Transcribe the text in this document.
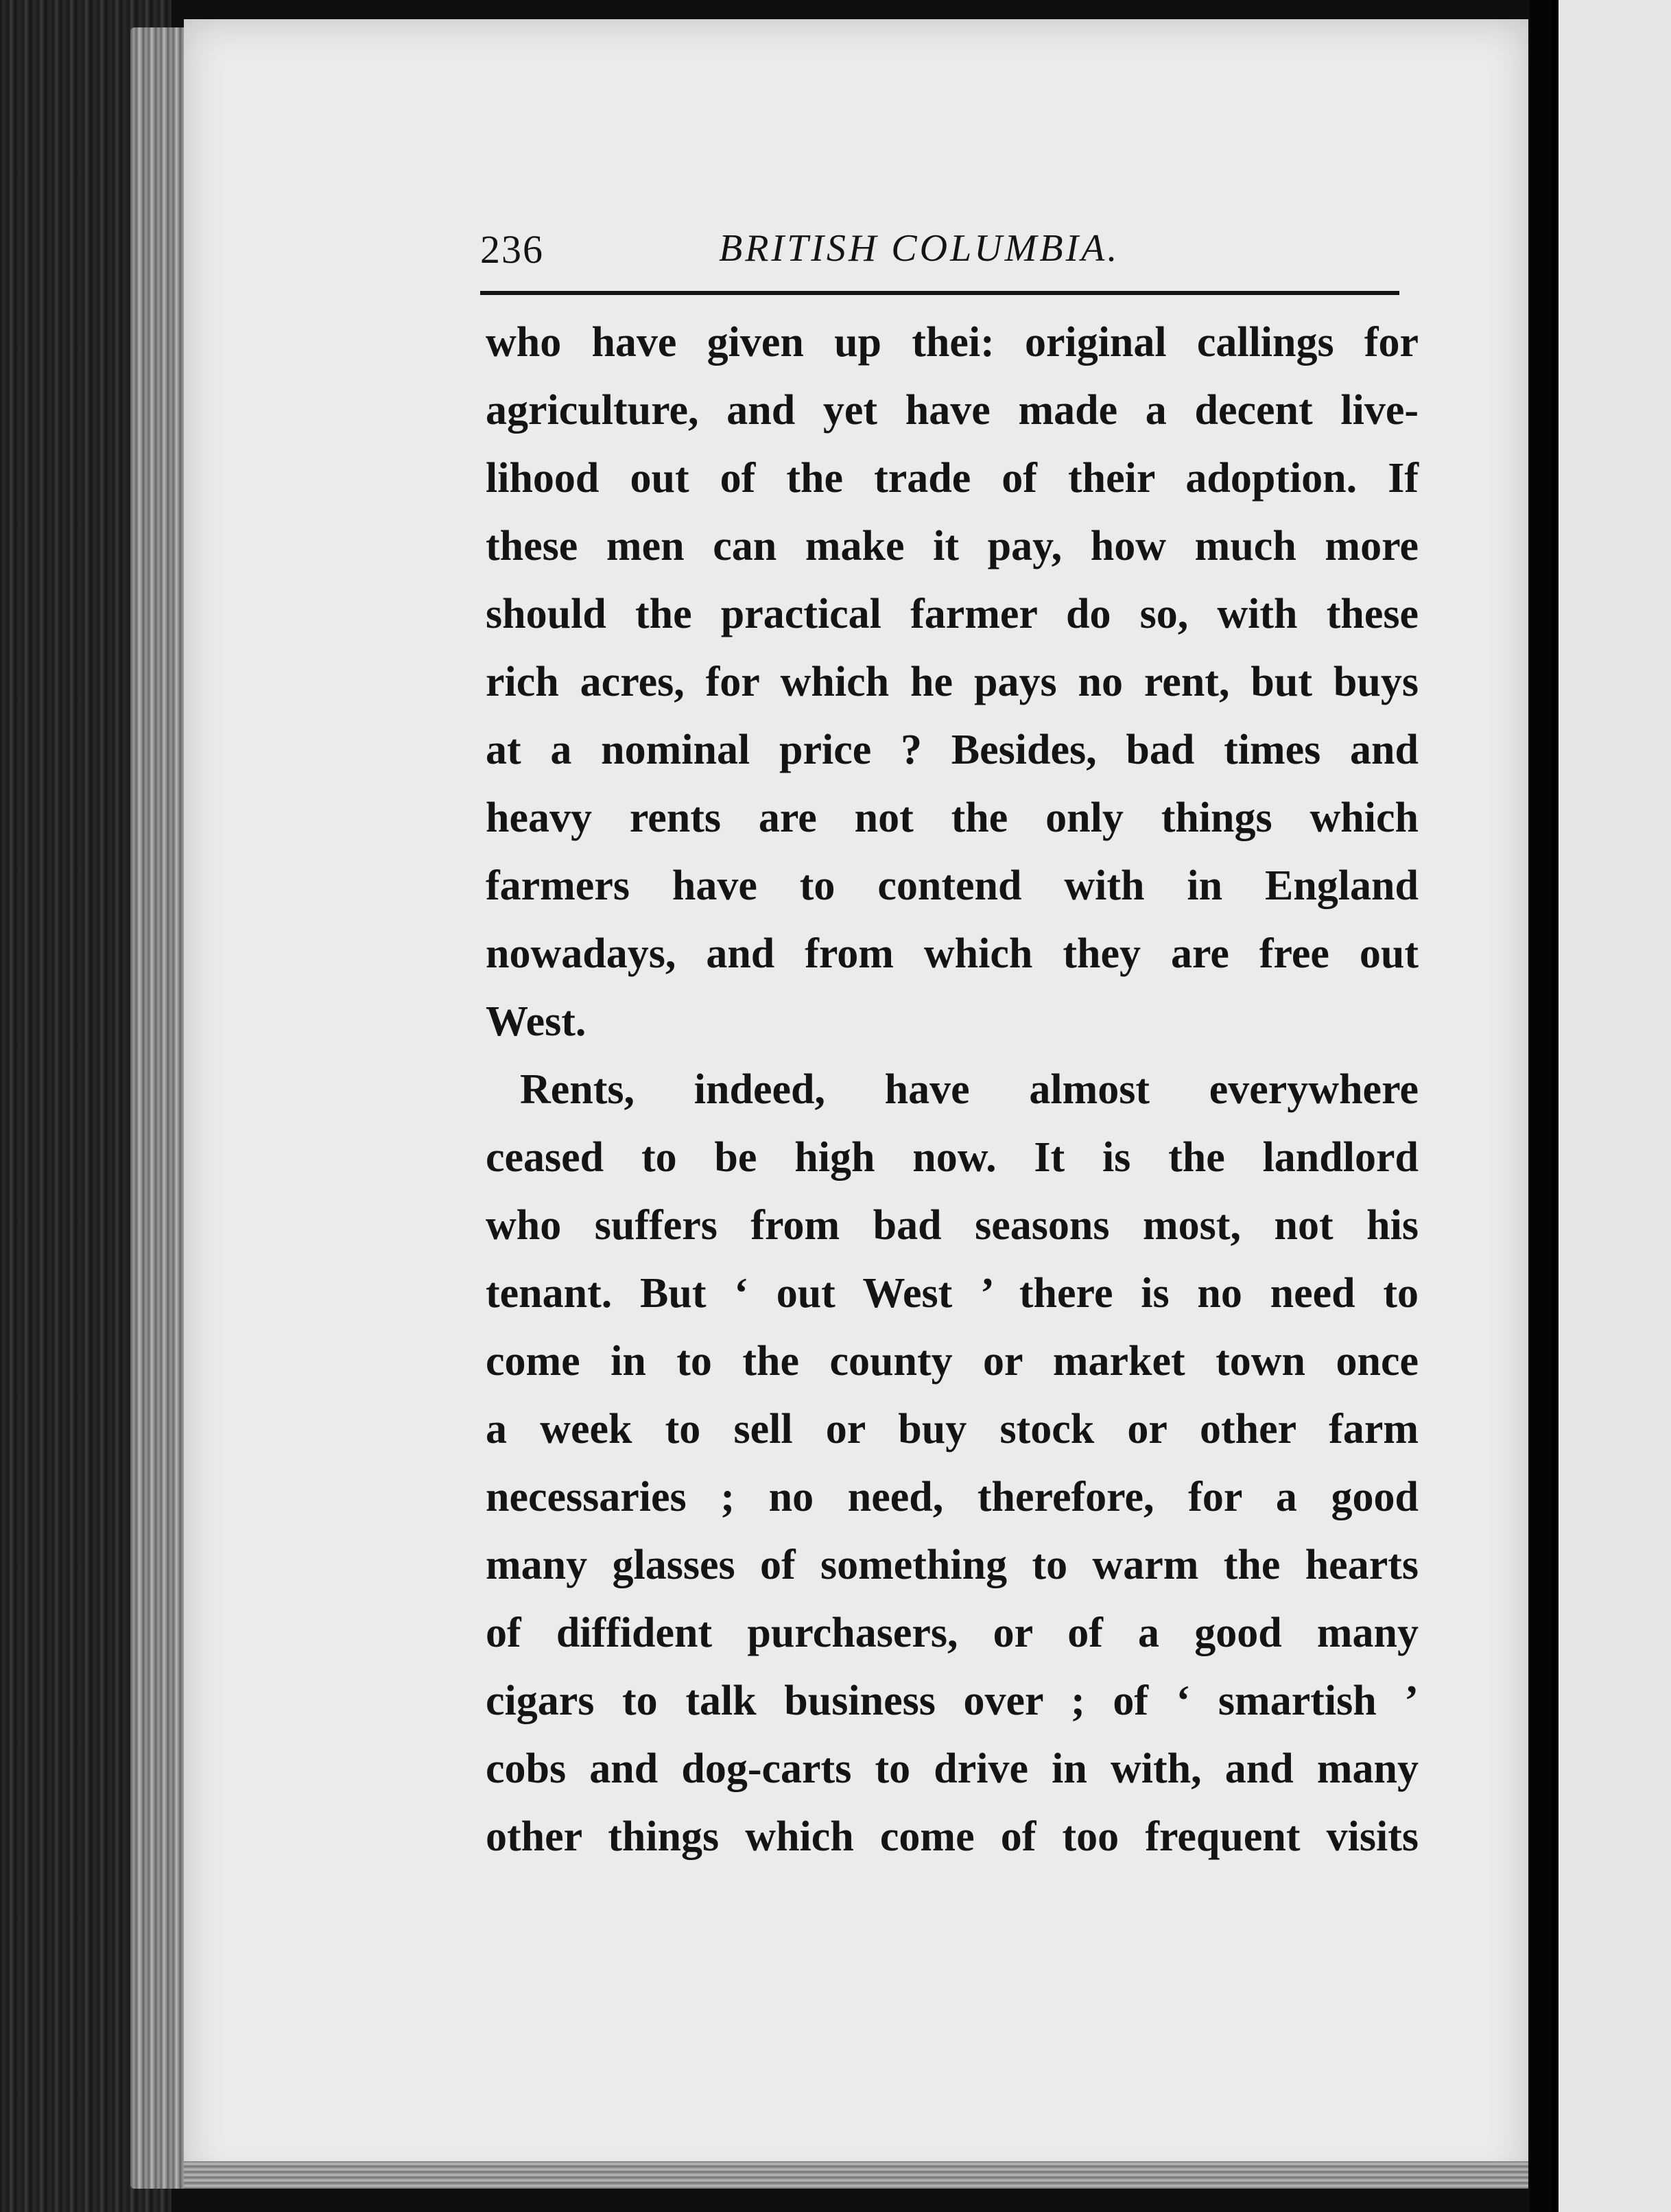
236	BRITISH COLUMBIA.
who have given up thei: original callings for
agriculture, and yet have made a decent live-
lihood out of the trade of their adoption. If
these men can make it pay, how much more
should the practical farmer do so, with these
rich acres, for which he pays no rent, but buys
at a nominal price ? Besides, bad times and
heavy rents are not the only things which
farmers have to contend with in England
nowadays, and from which they are free out
West.
Rents, indeed, have almost everywhere
ceased to be high now. It is the landlord
who suffers from bad seasons most, not his
tenant. But ‘ out West ’ there is no need to
come in to the county or market town once
a week to sell or buy stock or other farm
necessaries ; no need, therefore, for a good
many glasses of something to warm the hearts
of diffident purchasers, or of a good many
cigars to talk business over ; of ‘ smartish ’
cobs and dog-carts to drive in with, and many
other things which come of too frequent visits
